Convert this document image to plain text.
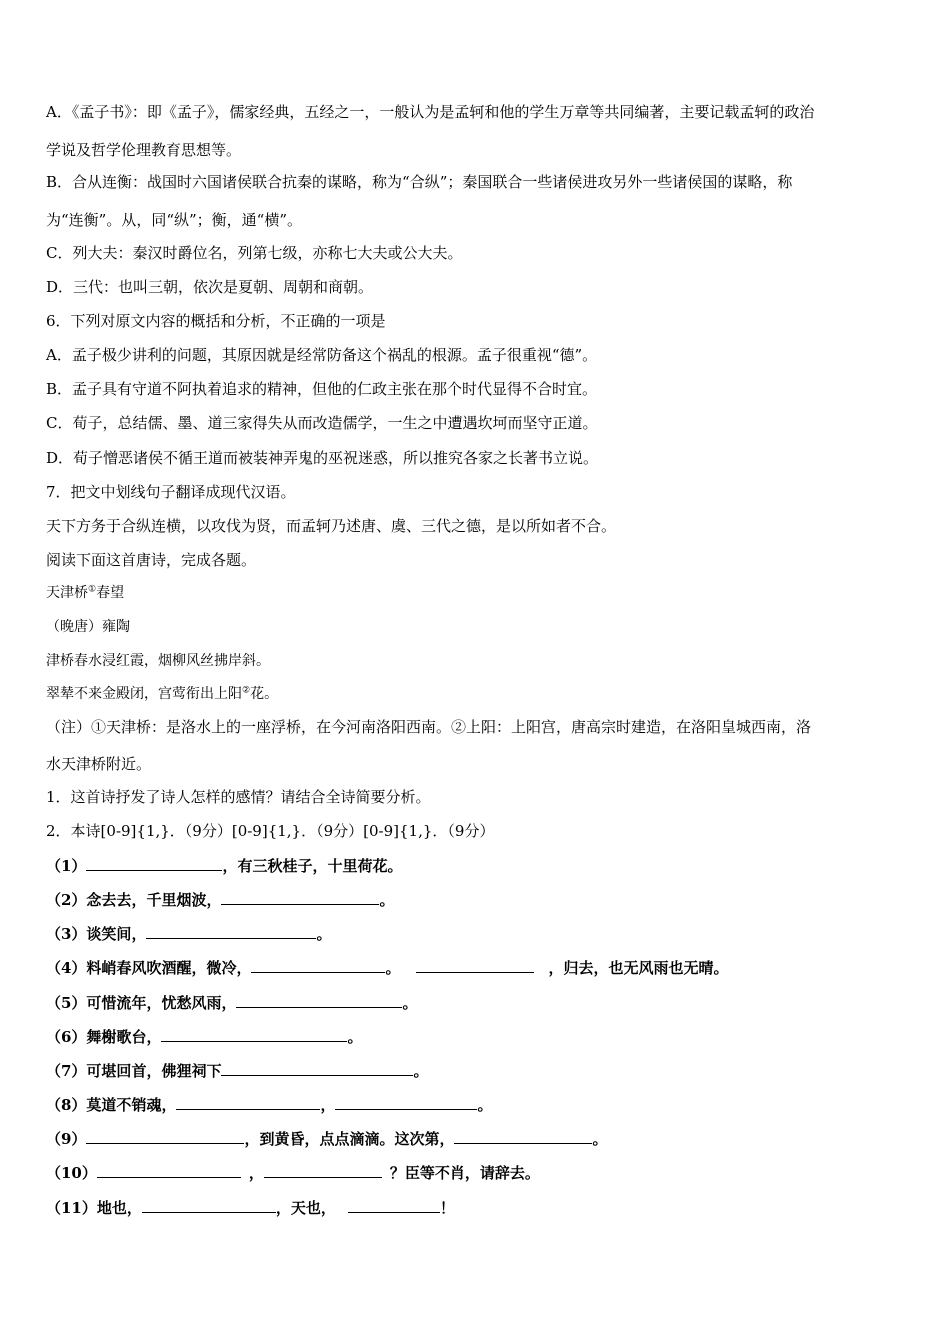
A．《孟子书》：即《孟子》，儒家经典，五经之一，一般认为是孟轲和他的学生万章等共同编著，主要记载孟轲的政治
学说及哲学伦理教育思想等。
B．合从连衡：战国时六国诸侯联合抗秦的谋略，称为“合纵”；秦国联合一些诸侯进攻另外一些诸侯国的谋略，称
为“连衡”。从，同“纵”；衡，通“横”。
C．列大夫：秦汉时爵位名，列第七级，亦称七大夫或公大夫。
D．三代：也叫三朝，依次是夏朝、周朝和商朝。
6．下列对原文内容的概括和分析，不正确的一项是
A．孟子极少讲利的问题，其原因就是经常防备这个祸乱的根源。孟子很重视“德”。
B．孟子具有守道不阿执着追求的精神，但他的仁政主张在那个时代显得不合时宜。
C．荀子，总结儒、墨、道三家得失从而改造儒学，一生之中遭遇坎坷而坚守正道。
D．荀子憎恶诸侯不循王道而被装神弄鬼的巫祝迷惑，所以推究各家之长著书立说。
7．把文中划线句子翻译成现代汉语。
天下方务于合纵连横，以攻伐为贤，而孟轲乃述唐、虞、三代之德，是以所如者不合。
阅读下面这首唐诗，完成各题。
天津桥①春望
（晚唐）雍陶
津桥春水浸红霞，烟柳风丝拂岸斜。
翠辇不来金殿闭，宫莺衔出上阳②花。
（注）①天津桥：是洛水上的一座浮桥，在今河南洛阳西南。②上阳：上阳宫，唐高宗时建造，在洛阳皇城西南，洛
水天津桥附近。
1．这首诗抒发了诗人怎样的感情？请结合全诗简要分析。
2．本诗[0-9]{1,}．（9分）[0-9]{1,}．（9分）[0-9]{1,}．（9分）
（1）	，有三秋桂子，十里荷花。
（2）念去去，千里烟波，	。
（3）谈笑间，	。
（4）料峭春风吹酒醒，微冷，	。	，归去，也无风雨也无晴。
（5）可惜流年，忧愁风雨，	。
（6）舞榭歌台，	。
（7）可堪回首，佛狸祠下	。
（8）莫道不销魂，	，	。
（9）	，到黄昏，点点滴滴。这次第，	。
（10）	，	？臣等不肖，请辞去。
（11）地也，	，天也，	！
